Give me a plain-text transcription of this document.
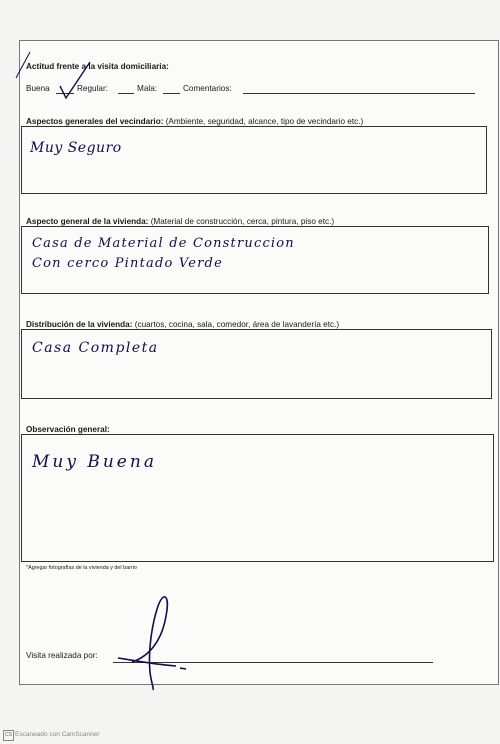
Actitud frente a la visita domiciliaria:
Buena	Regular:	Mala:	Comentarios:
Aspectos generales del vecindario: (Ambiente, seguridad, alcance, tipo de vecindario etc.)
Muy Seguro
Aspecto general de la vivienda: (Material de construcción, cerca, pintura, piso etc.)
Casa de Material de Construccion
Con cerco Pintado Verde
Distribución de la vivienda: (cuartos, cocina, sala, comedor, área de lavandería etc.)
Casa Completa
Observación general:
Muy Buena
*Agregar fotografías de la vivienda y del barrio
Visita realizada por:
CS Escaneado con CamScanner
